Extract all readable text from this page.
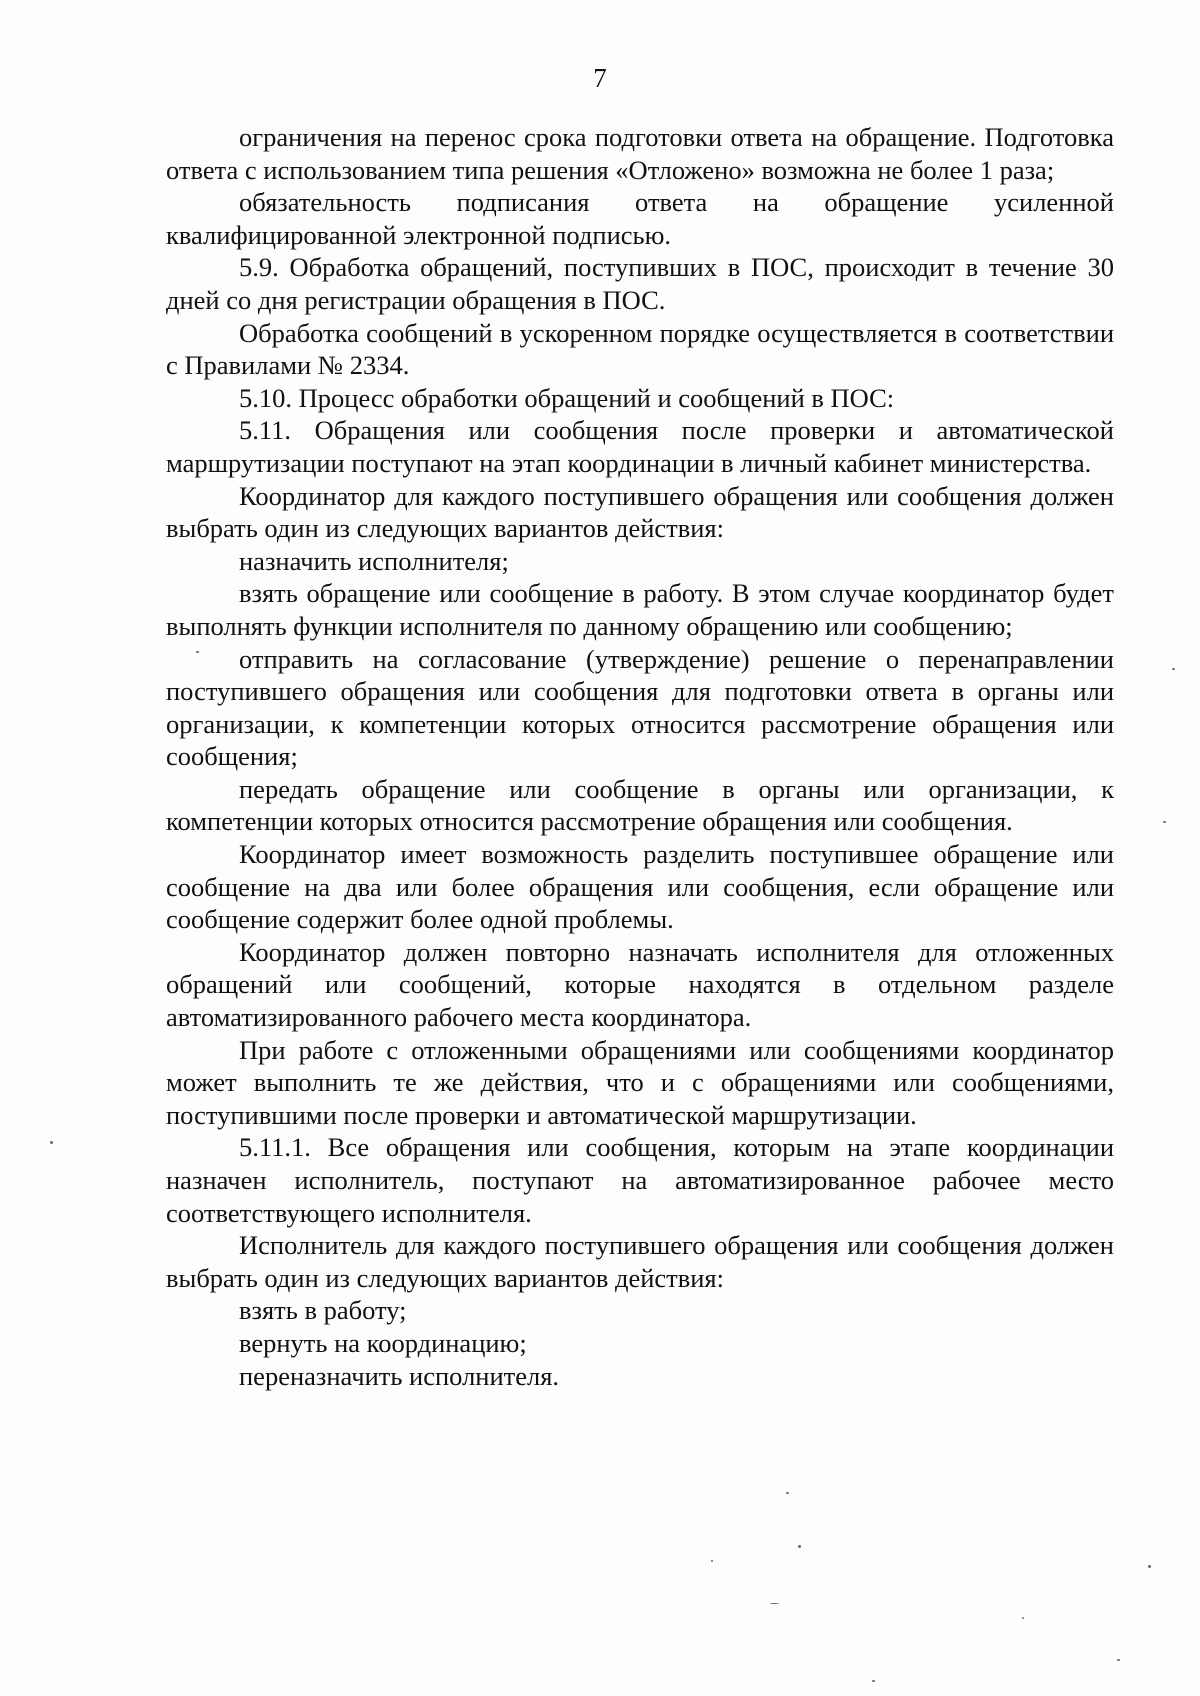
7

ограничения на перенос срока подготовки ответа на обращение. Подготовка ответа с использованием типа решения «Отложено» возможна не более 1 раза;

обязательность подписания ответа на обращение усиленной квалифицированной электронной подписью.

5.9. Обработка обращений, поступивших в ПОС, происходит в течение 30 дней со дня регистрации обращения в ПОС.

Обработка сообщений в ускоренном порядке осуществляется в соответствии с Правилами № 2334.

5.10. Процесс обработки обращений и сообщений в ПОС:

5.11. Обращения или сообщения после проверки и автоматической маршрутизации поступают на этап координации в личный кабинет министерства.

Координатор для каждого поступившего обращения или сообщения должен выбрать один из следующих вариантов действия:

назначить исполнителя;

взять обращение или сообщение в работу. В этом случае координатор будет выполнять функции исполнителя по данному обращению или сообщению;

отправить на согласование (утверждение) решение о перенаправлении поступившего обращения или сообщения для подготовки ответа в органы или организации, к компетенции которых относится рассмотрение обращения или сообщения;

передать обращение или сообщение в органы или организации, к компетенции которых относится рассмотрение обращения или сообщения.

Координатор имеет возможность разделить поступившее обращение или сообщение на два или более обращения или сообщения, если обращение или сообщение содержит более одной проблемы.

Координатор должен повторно назначать исполнителя для отложенных обращений или сообщений, которые находятся в отдельном разделе автоматизированного рабочего места координатора.

При работе с отложенными обращениями или сообщениями координатор может выполнить те же действия, что и с обращениями или сообщениями, поступившими после проверки и автоматической маршрутизации.

5.11.1. Все обращения или сообщения, которым на этапе координации назначен исполнитель, поступают на автоматизированное рабочее место соответствующего исполнителя.

Исполнитель для каждого поступившего обращения или сообщения должен выбрать один из следующих вариантов действия:

взять в работу;

вернуть на координацию;

переназначить исполнителя.
